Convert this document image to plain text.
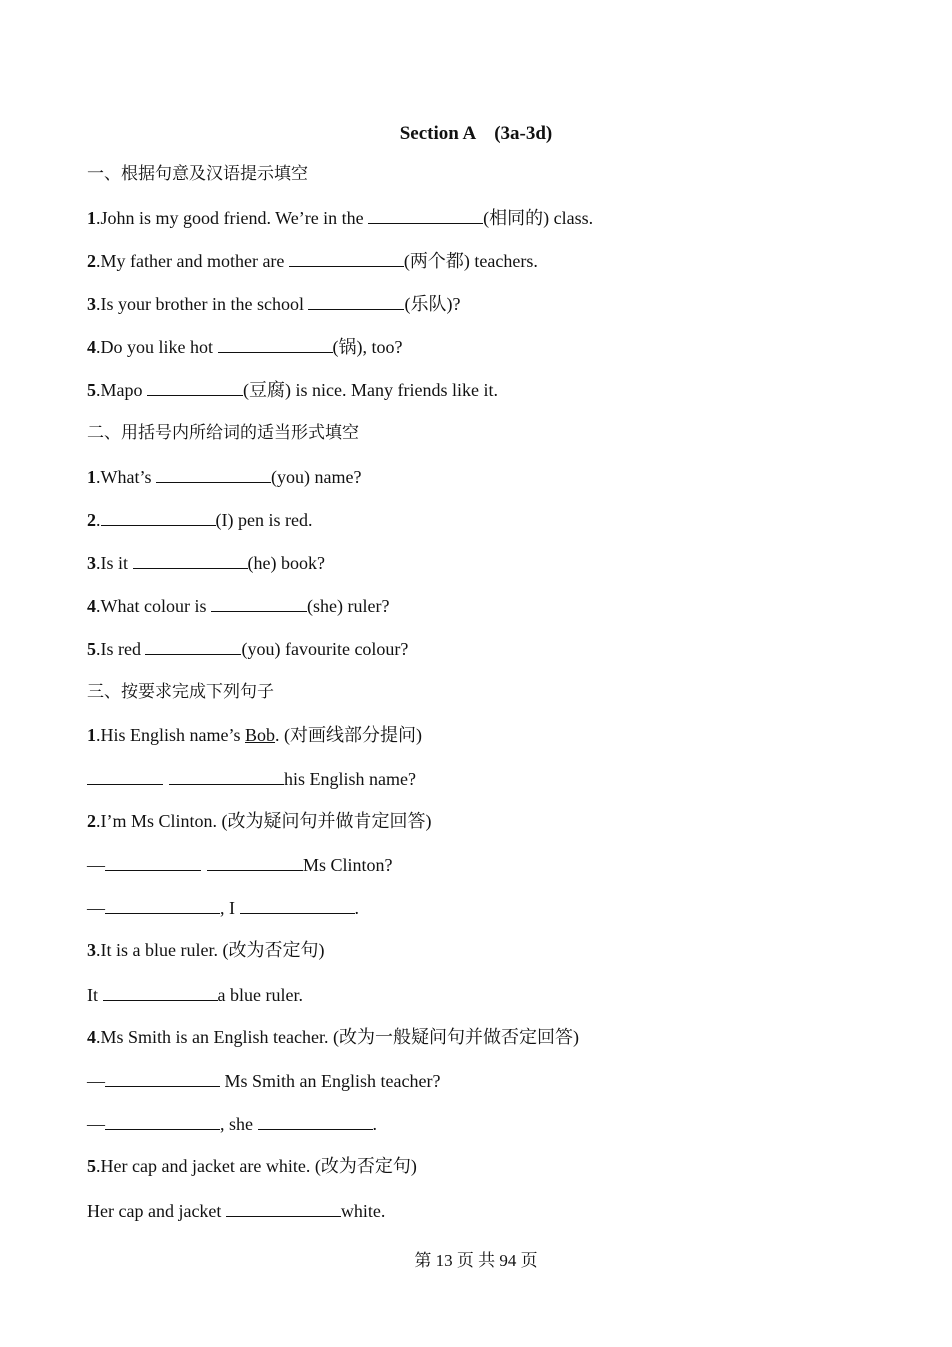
Section A　(3a-3d)
一、根据句意及汉语提示填空
1.John is my good friend. We’re in the	(相同的) class.
2.My father and mother are	(两个都) teachers.
3.Is your brother in the school	(乐队)?
4.Do you like hot	(锅), too?
5.Mapo	(豆腐) is nice. Many friends like it.
二、用括号内所给词的适当形式填空
1.What’s	(you) name?
2.	(I) pen is red.
3.Is it	(he) book?
4.What colour is	(she) ruler?
5.Is red	(you) favourite colour?
三、按要求完成下列句子
1.His English name’s Bob. (对画线部分提问)
his English name?
2.I’m Ms Clinton. (改为疑问句并做肯定回答)
—	Ms Clinton?
—	, I	.
3.It is a blue ruler. (改为否定句)
It	a blue ruler.
4.Ms Smith is an English teacher. (改为一般疑问句并做否定回答)
—	Ms Smith an English teacher?
—	, she	.
5.Her cap and jacket are white. (改为否定句)
Her cap and jacket	white.
第 13 页 共 94 页
